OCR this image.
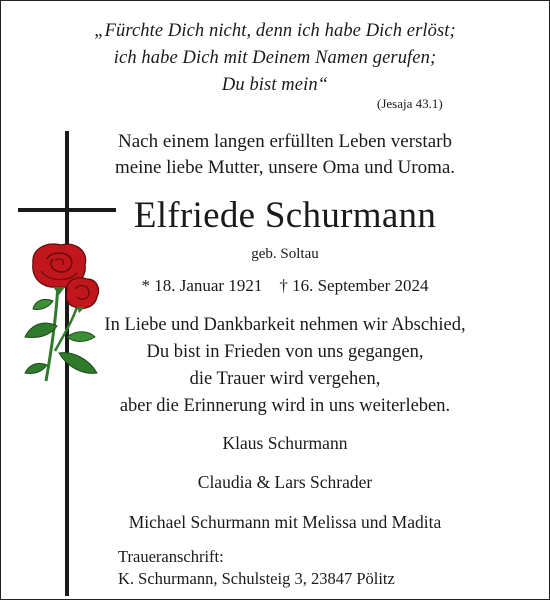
„Fürchte Dich nicht, denn ich habe Dich erlöst;
ich habe Dich mit Deinem Namen gerufen;
Du bist mein“
(Jesaja 43.1)
Nach einem langen erfüllten Leben verstarb
meine liebe Mutter, unsere Oma und Uroma.
Elfriede Schurmann
geb. Soltau
* 18. Januar 1921    † 16. September 2024
In Liebe und Dankbarkeit nehmen wir Abschied,
Du bist in Frieden von uns gegangen,
die Trauer wird vergehen,
aber die Erinnerung wird in uns weiterleben.
Klaus Schurmann
Claudia & Lars Schrader
Michael Schurmann mit Melissa und Madita
Traueranschrift:
K. Schurmann, Schulsteig 3, 23847 Pölitz
